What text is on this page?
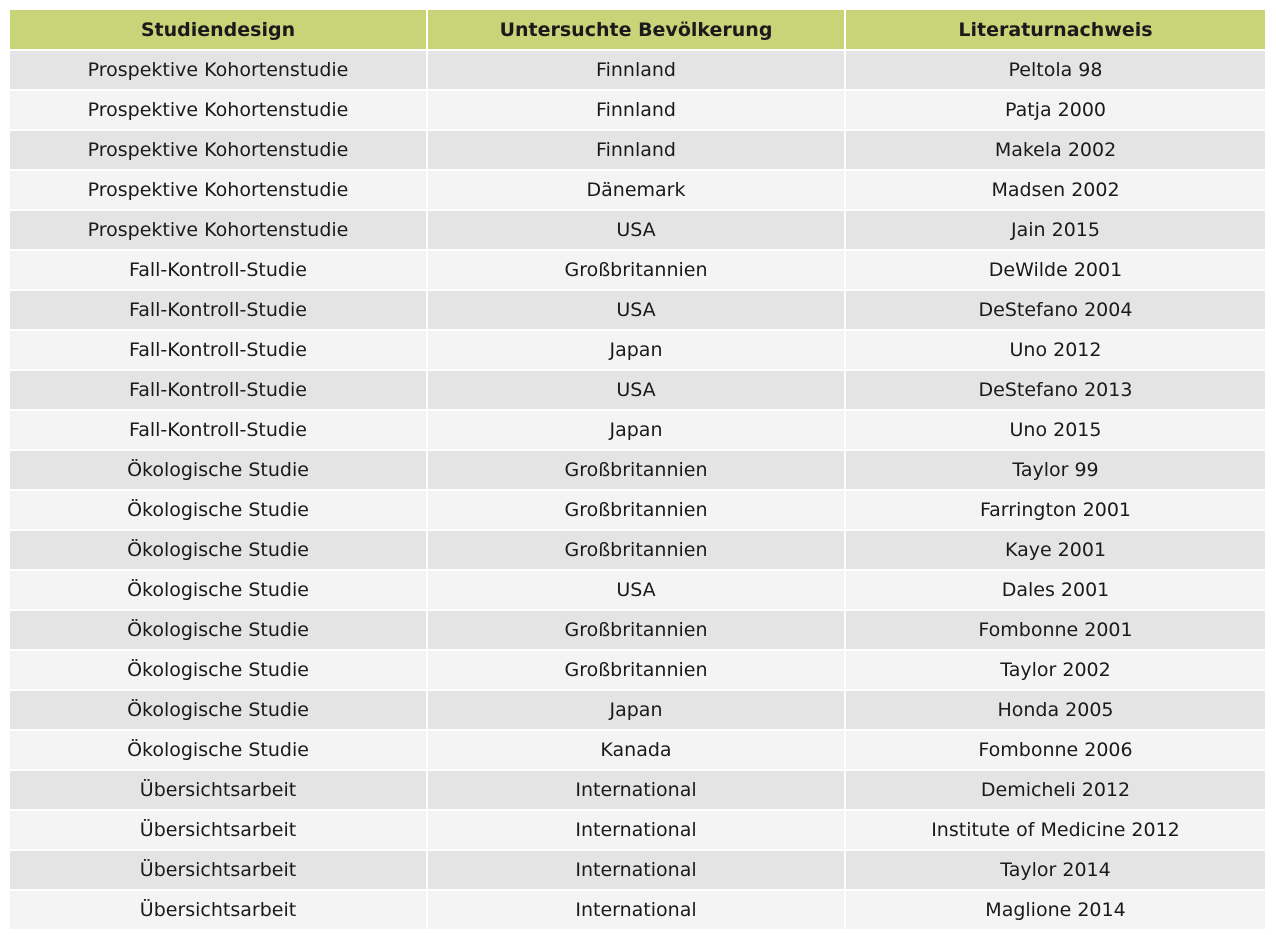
Studiendesign	Untersuchte Bevölkerung	Literaturnachweis
Prospektive Kohortenstudie	Finnland	Peltola 98
Prospektive Kohortenstudie	Finnland	Patja 2000
Prospektive Kohortenstudie	Finnland	Makela 2002
Prospektive Kohortenstudie	Dänemark	Madsen 2002
Prospektive Kohortenstudie	USA	Jain 2015
Fall-Kontroll-Studie	Großbritannien	DeWilde 2001
Fall-Kontroll-Studie	USA	DeStefano 2004
Fall-Kontroll-Studie	Japan	Uno 2012
Fall-Kontroll-Studie	USA	DeStefano 2013
Fall-Kontroll-Studie	Japan	Uno 2015
Ökologische Studie	Großbritannien	Taylor 99
Ökologische Studie	Großbritannien	Farrington 2001
Ökologische Studie	Großbritannien	Kaye 2001
Ökologische Studie	USA	Dales 2001
Ökologische Studie	Großbritannien	Fombonne 2001
Ökologische Studie	Großbritannien	Taylor 2002
Ökologische Studie	Japan	Honda 2005
Ökologische Studie	Kanada	Fombonne 2006
Übersichtsarbeit	International	Demicheli 2012
Übersichtsarbeit	International	Institute of Medicine 2012
Übersichtsarbeit	International	Taylor 2014
Übersichtsarbeit	International	Maglione 2014
